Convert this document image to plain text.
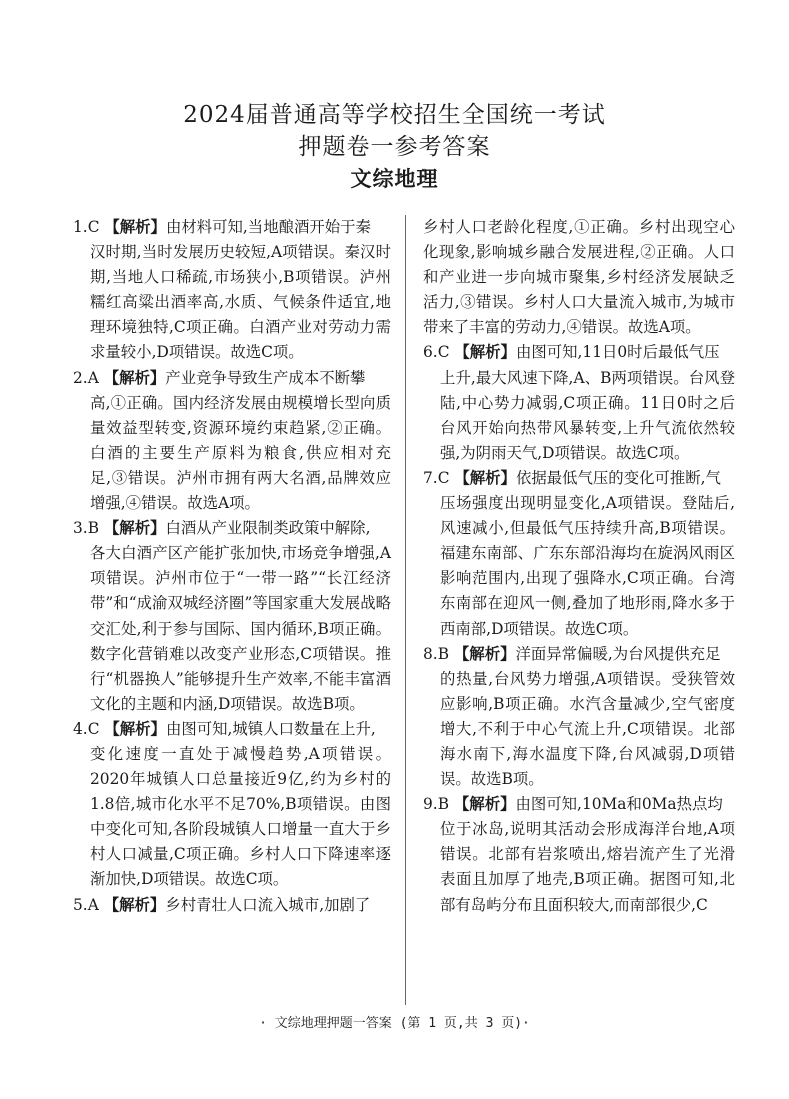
2024届普通高等学校招生全国统一考试
押题卷一参考答案
文综地理
1.C 【解析】由材料可知,当地酿酒开始于秦
汉时期,当时发展历史较短,A项错误。秦汉时期,当地人口稀疏,市场狭小,B项错误。泸州糯红高粱出酒率高,水质、气候条件适宜,地理环境独特,C项正确。白酒产业对劳动力需求量较小,D项错误。故选C项。
2.A 【解析】产业竞争导致生产成本不断攀
高,①正确。国内经济发展由规模增长型向质量效益型转变,资源环境约束趋紧,②正确。白酒的主要生产原料为粮食,供应相对充足,③错误。泸州市拥有两大名酒,品牌效应增强,④错误。故选A项。
3.B 【解析】白酒从产业限制类政策中解除,
各大白酒产区产能扩张加快,市场竞争增强,A项错误。泸州市位于“一带一路”“长江经济带”和“成渝双城经济圈”等国家重大发展战略交汇处,利于参与国际、国内循环,B项正确。数字化营销难以改变产业形态,C项错误。推行“机器换人”能够提升生产效率,不能丰富酒文化的主题和内涵,D项错误。故选B项。
4.C 【解析】由图可知,城镇人口数量在上升,
变化速度一直处于减慢趋势,A项错误。2020年城镇人口总量接近9亿,约为乡村的1.8倍,城市化水平不足70%,B项错误。由图中变化可知,各阶段城镇人口增量一直大于乡村人口减量,C项正确。乡村人口下降速率逐渐加快,D项错误。故选C项。
5.A 【解析】乡村青壮人口流入城市,加剧了
乡村人口老龄化程度,①正确。乡村出现空心化现象,影响城乡融合发展进程,②正确。人口和产业进一步向城市聚集,乡村经济发展缺乏活力,③错误。乡村人口大量流入城市,为城市带来了丰富的劳动力,④错误。故选A项。
6.C 【解析】由图可知,11日0时后最低气压
上升,最大风速下降,A、B两项错误。台风登陆,中心势力减弱,C项正确。11日0时之后台风开始向热带风暴转变,上升气流依然较强,为阴雨天气,D项错误。故选C项。
7.C 【解析】依据最低气压的变化可推断,气
压场强度出现明显变化,A项错误。登陆后,风速减小,但最低气压持续升高,B项错误。福建东南部、广东东部沿海均在旋涡风雨区影响范围内,出现了强降水,C项正确。台湾东南部在迎风一侧,叠加了地形雨,降水多于西南部,D项错误。故选C项。
8.B 【解析】洋面异常偏暖,为台风提供充足
的热量,台风势力增强,A项错误。受狭管效应影响,B项正确。水汽含量减少,空气密度增大,不利于中心气流上升,C项错误。北部海水南下,海水温度下降,台风减弱,D项错误。故选B项。
9.B 【解析】由图可知,10Ma和0Ma热点均
位于冰岛,说明其活动会形成海洋台地,A项错误。北部有岩浆喷出,熔岩流产生了光滑表面且加厚了地壳,B项正确。据图可知,北部有岛屿分布且面积较大,而南部很少,C
· 文综地理押题一答案 (第 1 页,共 3 页)·
